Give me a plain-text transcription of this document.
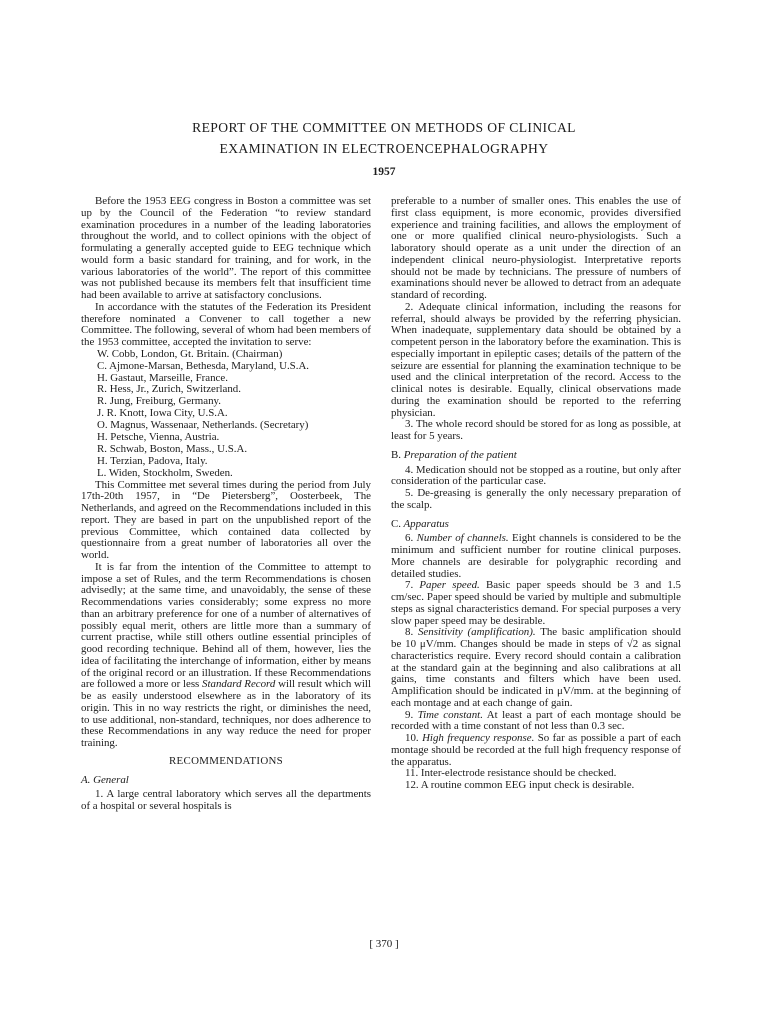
REPORT OF THE COMMITTEE ON METHODS OF CLINICAL
EXAMINATION IN ELECTROENCEPHALOGRAPHY
1957

Before the 1953 EEG congress in Boston a committee was set up by the Council of the Federation “to review standard examination procedures in a number of the leading laboratories throughout the world, and to collect opinions with the object of formulating a generally accepted guide to EEG technique which would form a basic standard for training, and for work, in the various laboratories of the world”. The report of this committee was not published because its members felt that insufficient time had been available to arrive at satisfactory conclusions.

In accordance with the statutes of the Federation its President therefore nominated a Convener to call together a new Committee. The following, several of whom had been members of the 1953 committee, accepted the invitation to serve:

W. Cobb, London, Gt. Britain. (Chairman)
C. Ajmone-Marsan, Bethesda, Maryland, U.S.A.
H. Gastaut, Marseille, France.
R. Hess, Jr., Zurich, Switzerland.
R. Jung, Freiburg, Germany.
J. R. Knott, Iowa City, U.S.A.
O. Magnus, Wassenaar, Netherlands. (Secretary)
H. Petsche, Vienna, Austria.
R. Schwab, Boston, Mass., U.S.A.
H. Terzian, Padova, Italy.
L. Widen, Stockholm, Sweden.

This Committee met several times during the period from July 17th-20th 1957, in “De Pietersberg”, Oosterbeek, The Netherlands, and agreed on the Recommendations included in this report. They are based in part on the unpublished report of the previous Committee, which contained data collected by questionnaire from a great number of laboratories all over the world.

It is far from the intention of the Committee to attempt to impose a set of Rules, and the term Recommendations is chosen advisedly; at the same time, and unavoidably, the sense of these Recommendations varies considerably; some express no more than an arbitrary preference for one of a number of alternatives of possibly equal merit, others are little more than a summary of current practise, while still others outline essential principles of good recording technique. Behind all of them, however, lies the idea of facilitating the interchange of information, either by means of the original record or an illustration. If these Recommendations are followed a more or less Standard Record will result which will be as easily understood elsewhere as in the laboratory of its origin. This in no way restricts the right, or diminishes the need, to use additional, non-standard, techniques, nor does adherence to these Recommendations in any way reduce the need for proper training.

RECOMMENDATIONS
A. General

1. A large central laboratory which serves all the departments of a hospital or several hospitals is

preferable to a number of smaller ones. This enables the use of first class equipment, is more economic, provides diversified experience and training facilities, and allows the employment of one or more qualified clinical neuro-physiologists. Such a laboratory should operate as a unit under the direction of an independent clinical neuro-physiologist. Interpretative reports should not be made by technicians. The pressure of numbers of examinations should never be allowed to detract from an adequate standard of recording.

2. Adequate clinical information, including the reasons for referral, should always be provided by the referring physician. When inadequate, supplementary data should be obtained by a competent person in the laboratory before the examination. This is especially important in epileptic cases; details of the pattern of the seizure are essential for planning the examination technique to be used and the clinical interpretation of the record. Access to the clinical notes is desirable. Equally, clinical observations made during the examination should be reported to the referring physician.

3. The whole record should be stored for as long as possible, at least for 5 years.

B. Preparation of the patient

4. Medication should not be stopped as a routine, but only after consideration of the particular case.

5. De-greasing is generally the only necessary preparation of the scalp.

C. Apparatus

6. Number of channels. Eight channels is considered to be the minimum and sufficient number for routine clinical purposes. More channels are desirable for polygraphic recording and detailed studies.

7. Paper speed. Basic paper speeds should be 3 and 1.5 cm/sec. Paper speed should be varied by multiple and submultiple steps as signal characteristics demand. For special purposes a very slow paper speed may be desirable.

8. Sensitivity (amplification). The basic amplification should be 10 μV/mm. Changes should be made in steps of √2 as signal characteristics require. Every record should contain a calibration at the standard gain at the beginning and also calibrations at all gains, time constants and filters which have been used. Amplification should be indicated in μV/mm. at the beginning of each montage and at each change of gain.

9. Time constant. At least a part of each montage should be recorded with a time constant of not less than 0.3 sec.

10. High frequency response. So far as possible a part of each montage should be recorded at the full high frequency response of the apparatus.

11. Inter-electrode resistance should be checked.

12. A routine common EEG input check is desirable.

[ 370 ]
